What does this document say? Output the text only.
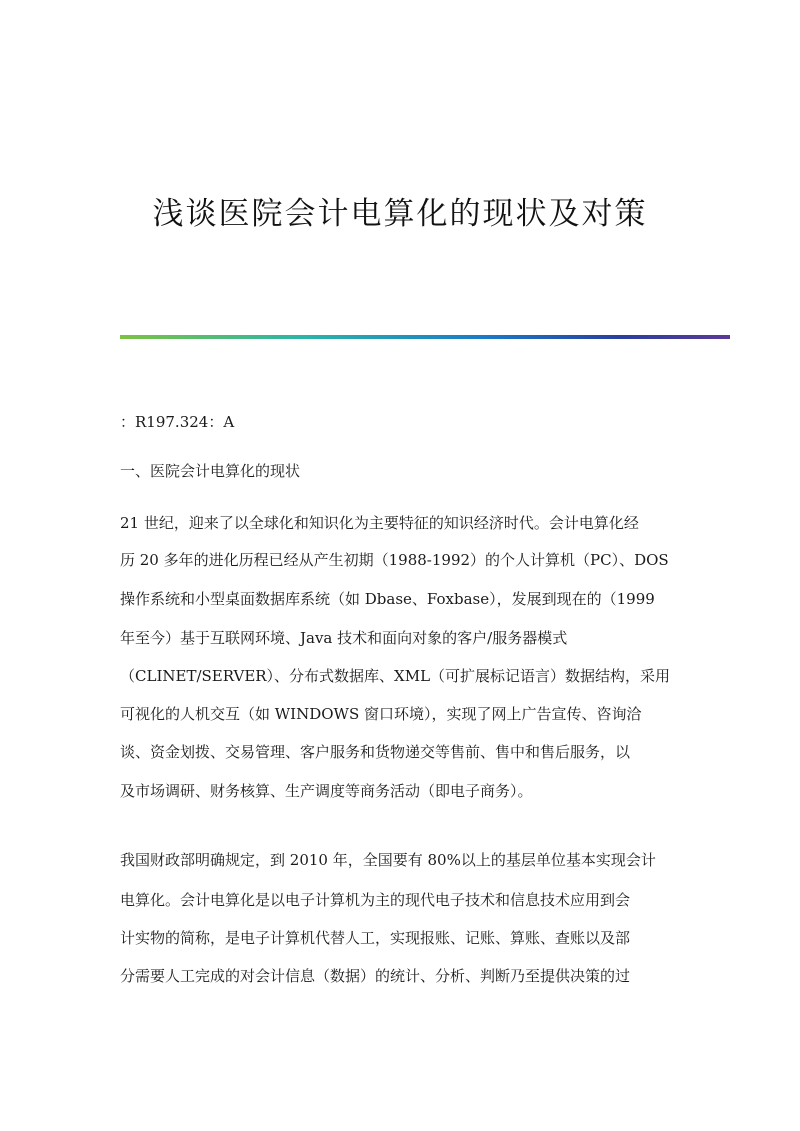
浅谈医院会计电算化的现状及对策
：R197.324：A
一、医院会计电算化的现状
21 世纪，迎来了以全球化和知识化为主要特征的知识经济时代。会计电算化经
历 20 多年的进化历程已经从产生初期（1988-1992）的个人计算机（PC）、DOS
操作系统和小型桌面数据库系统（如 Dbase、Foxbase），发展到现在的（1999
年至今）基于互联网环境、Java 技术和面向对象的客户/服务器模式
（CLINET/SERVER）、分布式数据库、XML（可扩展标记语言）数据结构，采用
可视化的人机交互（如 WINDOWS 窗口环境），实现了网上广告宣传、咨询洽
谈、资金划拨、交易管理、客户服务和货物递交等售前、售中和售后服务，以
及市场调研、财务核算、生产调度等商务活动（即电子商务）。
我国财政部明确规定，到 2010 年，全国要有 80%以上的基层单位基本实现会计
电算化。会计电算化是以电子计算机为主的现代电子技术和信息技术应用到会
计实物的简称，是电子计算机代替人工，实现报账、记账、算账、查账以及部
分需要人工完成的对会计信息（数据）的统计、分析、判断乃至提供决策的过
